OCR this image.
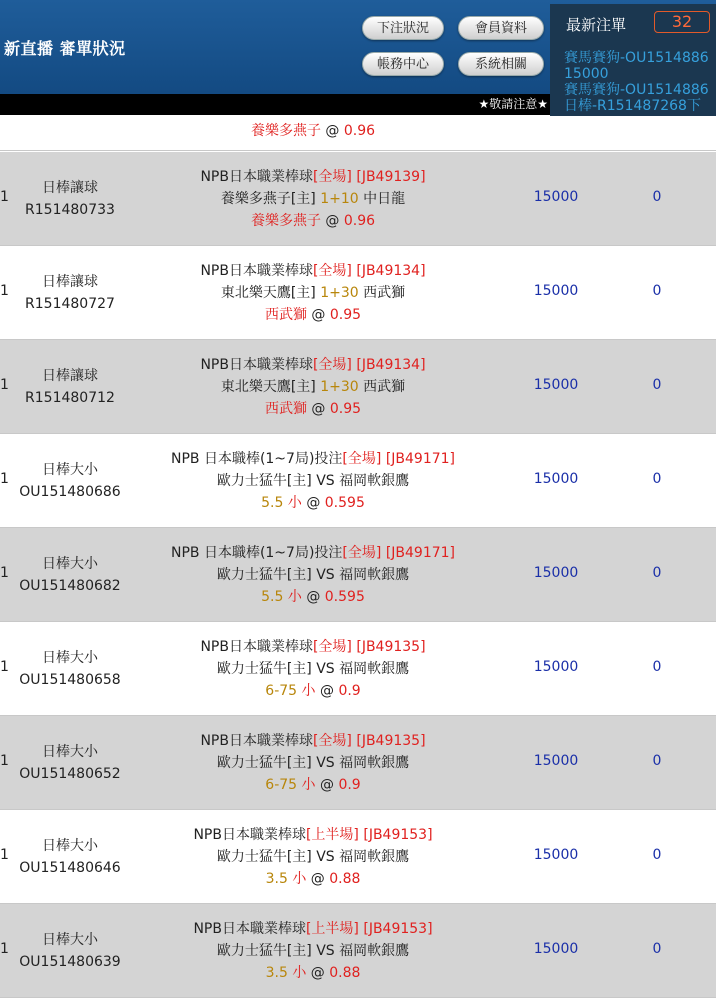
新直播 審單狀況
下注狀況	會員資料
帳務中心	系統相關
最新注單	32
賽馬賽狗-OU1514886
15000
賽馬賽狗-OU1514886
日棒-R151487268下
★敬請注意★
養樂多燕子 @ 0.96
1
日棒讓球
R151480733
NPB日本職業棒球[全場] [JB49139]
養樂多燕子[主] 1+10 中日龍
養樂多燕子 @ 0.96
15000	0
1
日棒讓球
R151480727
NPB日本職業棒球[全場] [JB49134]
東北樂天鷹[主] 1+30 西武獅
西武獅 @ 0.95
15000	0
1
日棒讓球
R151480712
NPB日本職業棒球[全場] [JB49134]
東北樂天鷹[主] 1+30 西武獅
西武獅 @ 0.95
15000	0
1
日棒大小
OU151480686
NPB 日本職棒(1~7局)投注[全場] [JB49171]
歐力士猛牛[主] VS 福岡軟銀鷹
5.5 小 @ 0.595
15000	0
1
日棒大小
OU151480682
NPB 日本職棒(1~7局)投注[全場] [JB49171]
歐力士猛牛[主] VS 福岡軟銀鷹
5.5 小 @ 0.595
15000	0
1
日棒大小
OU151480658
NPB日本職業棒球[全場] [JB49135]
歐力士猛牛[主] VS 福岡軟銀鷹
6-75 小 @ 0.9
15000	0
1
日棒大小
OU151480652
NPB日本職業棒球[全場] [JB49135]
歐力士猛牛[主] VS 福岡軟銀鷹
6-75 小 @ 0.9
15000	0
1
日棒大小
OU151480646
NPB日本職業棒球[上半場] [JB49153]
歐力士猛牛[主] VS 福岡軟銀鷹
3.5 小 @ 0.88
15000	0
1
日棒大小
OU151480639
NPB日本職業棒球[上半場] [JB49153]
歐力士猛牛[主] VS 福岡軟銀鷹
3.5 小 @ 0.88
15000	0
